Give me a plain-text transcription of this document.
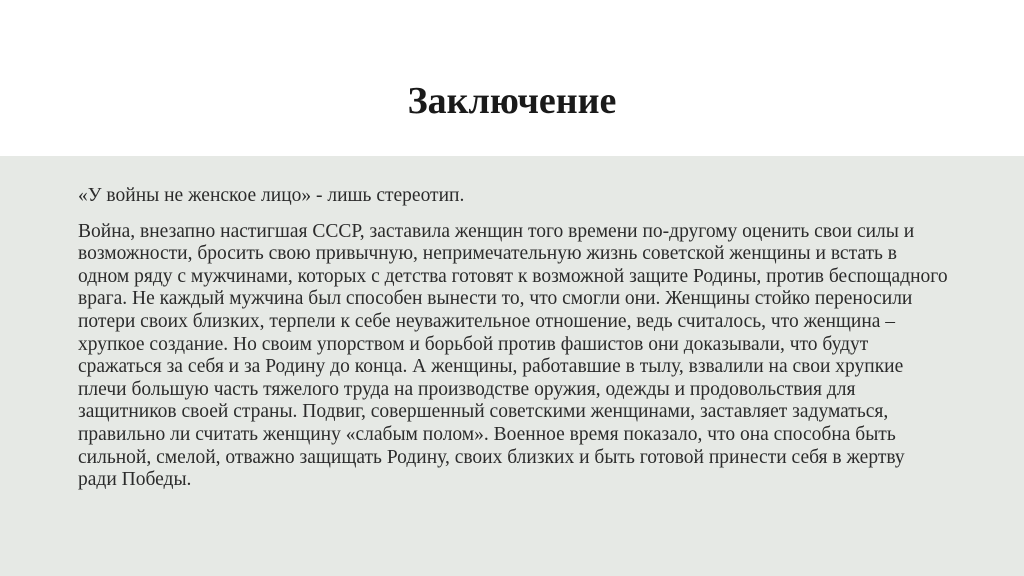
Заключение

«У войны не женское лицо» - лишь стереотип.

Война, внезапно настигшая СССР, заставила женщин того времени по-другому оценить свои силы и возможности, бросить свою привычную, непримечательную жизнь советской женщины и встать в одном ряду с мужчинами, которых с детства готовят к возможной защите Родины, против беспощадного врага. Не каждый мужчина был способен вынести то, что смогли они. Женщины стойко переносили потери своих близких, терпели к себе неуважительное отношение, ведь считалось, что женщина – хрупкое создание. Но своим упорством и борьбой против фашистов они доказывали, что будут сражаться за себя и за Родину до конца. А женщины, работавшие в тылу, взвалили на свои хрупкие плечи большую часть тяжелого труда на производстве оружия, одежды и продовольствия для защитников своей страны. Подвиг, совершенный советскими женщинами, заставляет задуматься, правильно ли считать женщину «слабым полом». Военное время показало, что она способна быть сильной, смелой, отважно защищать Родину, своих близких и быть готовой принести себя в жертву ради Победы.
